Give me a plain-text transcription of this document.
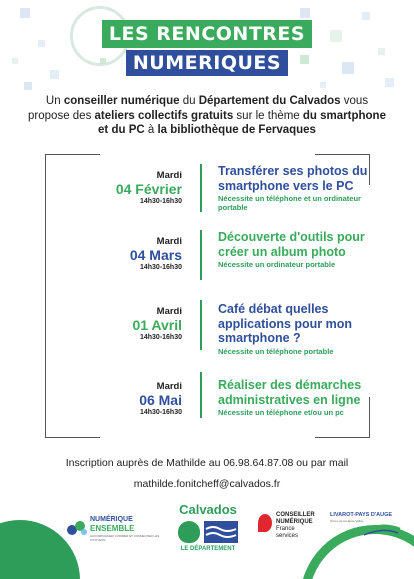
LES RENCONTRES
NUMERIQUES

Un conseiller numérique du Département du Calvados vous propose des ateliers collectifs gratuits sur le thème du smartphone et du PC à la bibliothèque de Fervaques

Mardi
04 Février
14h30-16h30
Transférer ses photos du smartphone vers le PC
Nécessite un téléphone et un ordinateur portable
Mardi
04 Mars
14h30-16h30
Découverte d'outils pour créer un album photo
Nécessite un ordinateur portable
Mardi
01 Avril
14h30-16h30
Café débat quelles applications pour mon smartphone ?
Nécessite un téléphone portable
Mardi
06 Mai
14h30-16h30
Réaliser des démarches administratives en ligne
Nécessite un téléphone et/ou un pc
Inscription auprès de Mathilde au 06.98.64.87.08 ou par mail
mathilde.fonitcheff@calvados.fr
NUMÉRIQUE
ENSEMBLE
ACCOMPAGNER, FORMER ET CONNECTER LES CITOYENS
Calvados
LE DÉPARTEMENT
CONSEILLER
NUMÉRIQUE
France
services
LIVAROT-PAYS D'AUGE
Terres de la Haute Vallée
